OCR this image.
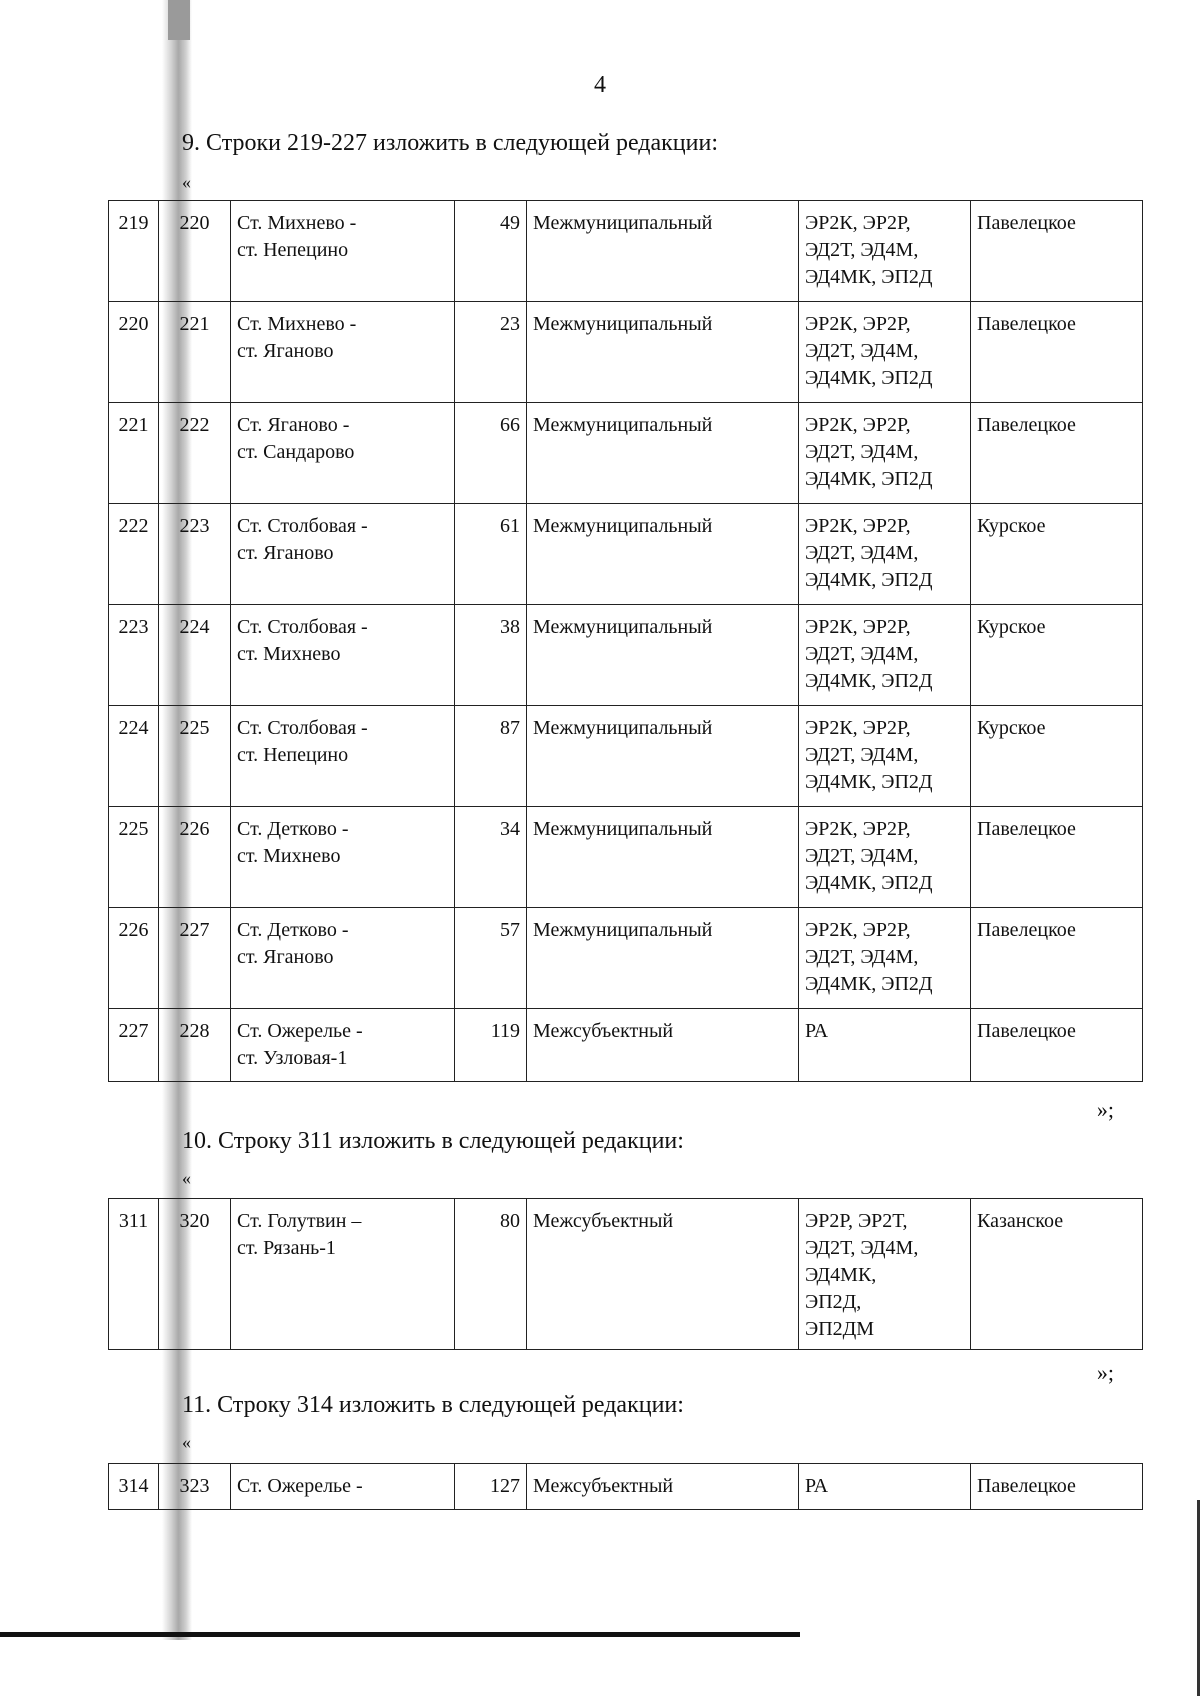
4
9. Строки 219-227 изложить в следующей редакции:
«
219	220	Ст. Михнево -
ст. Непецино	49	Межмуниципальный	ЭР2К, ЭР2Р,
ЭД2Т, ЭД4М,
ЭД4МК, ЭП2Д	Павелецкое
220	221	Ст. Михнево -
ст. Яганово	23	Межмуниципальный	ЭР2К, ЭР2Р,
ЭД2Т, ЭД4М,
ЭД4МК, ЭП2Д	Павелецкое
221	222	Ст. Яганово -
ст. Сандарово	66	Межмуниципальный	ЭР2К, ЭР2Р,
ЭД2Т, ЭД4М,
ЭД4МК, ЭП2Д	Павелецкое
222	223	Ст. Столбовая -
ст. Яганово	61	Межмуниципальный	ЭР2К, ЭР2Р,
ЭД2Т, ЭД4М,
ЭД4МК, ЭП2Д	Курское
223	224	Ст. Столбовая -
ст. Михнево	38	Межмуниципальный	ЭР2К, ЭР2Р,
ЭД2Т, ЭД4М,
ЭД4МК, ЭП2Д	Курское
224	225	Ст. Столбовая -
ст. Непецино	87	Межмуниципальный	ЭР2К, ЭР2Р,
ЭД2Т, ЭД4М,
ЭД4МК, ЭП2Д	Курское
225	226	Ст. Детково -
ст. Михнево	34	Межмуниципальный	ЭР2К, ЭР2Р,
ЭД2Т, ЭД4М,
ЭД4МК, ЭП2Д	Павелецкое
226	227	Ст. Детково -
ст. Яганово	57	Межмуниципальный	ЭР2К, ЭР2Р,
ЭД2Т, ЭД4М,
ЭД4МК, ЭП2Д	Павелецкое
227	228	Ст. Ожерелье -
ст. Узловая-1	119	Межсубъектный	РА	Павелецкое
»;
10. Строку 311 изложить в следующей редакции:
«
311	320	Ст. Голутвин –
ст. Рязань-1
	80	Межсубъектный	ЭР2Р, ЭР2Т,
ЭД2Т, ЭД4М,
ЭД4МК,
ЭП2Д,
ЭП2ДМ
	Казанское
»;
11. Строку 314 изложить в следующей редакции:
«
314	323	Ст. Ожерелье -	127	Межсубъектный	РА	Павелецкое
